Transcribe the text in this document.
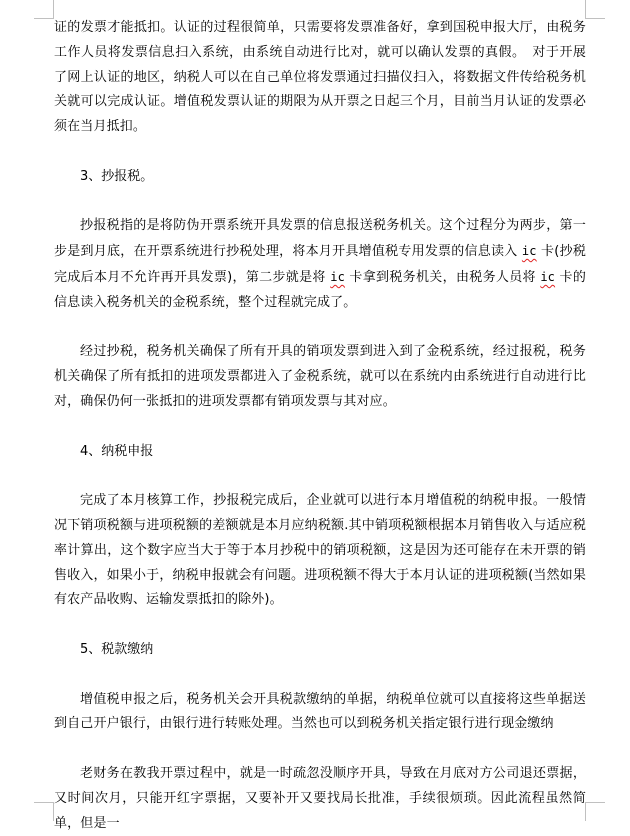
证的发票才能抵扣。认证的过程很简单，只需要将发票准备好，拿到国税申报大厅，由税务工作人员将发票信息扫入系统，由系统自动进行比对，就可以确认发票的真假。　对于开展了网上认证的地区，纳税人可以在自己单位将发票通过扫描仪扫入，将数据文件传给税务机关就可以完成认证。增值税发票认证的期限为从开票之日起三个月，目前当月认证的发票必须在当月抵扣。

3、抄报税。

抄报税指的是将防伪开票系统开具发票的信息报送税务机关。这个过程分为两步，第一步是到月底，在开票系统进行抄税处理，将本月开具增值税专用发票的信息读入 ic 卡(抄税完成后本月不允许再开具发票)，第二步就是将 ic 卡拿到税务机关，由税务人员将 ic 卡的信息读入税务机关的金税系统，整个过程就完成了。

经过抄税，税务机关确保了所有开具的销项发票到进入到了金税系统，经过报税，税务机关确保了所有抵扣的进项发票都进入了金税系统，就可以在系统内由系统进行自动进行比对，确保仍何一张抵扣的进项发票都有销项发票与其对应。

4、纳税申报

完成了本月核算工作，抄报税完成后，企业就可以进行本月增值税的纳税申报。一般情况下销项税额与进项税额的差额就是本月应纳税额.其中销项税额根据本月销售收入与适应税率计算出，这个数字应当大于等于本月抄税中的销项税额，这是因为还可能存在未开票的销售收入，如果小于，纳税申报就会有问题。进项税额不得大于本月认证的进项税额(当然如果有农产品收购、运输发票抵扣的除外)。

5、税款缴纳

增值税申报之后，税务机关会开具税款缴纳的单据，纳税单位就可以直接将这些单据送到自己开户银行，由银行进行转账处理。当然也可以到税务机关指定银行进行现金缴纳

老财务在教我开票过程中，就是一时疏忽没顺序开具，导致在月底对方公司退还票据，又时间次月，只能开红字票据，又要补开又要找局长批准，手续很烦琐。因此流程虽然简单，但是一
